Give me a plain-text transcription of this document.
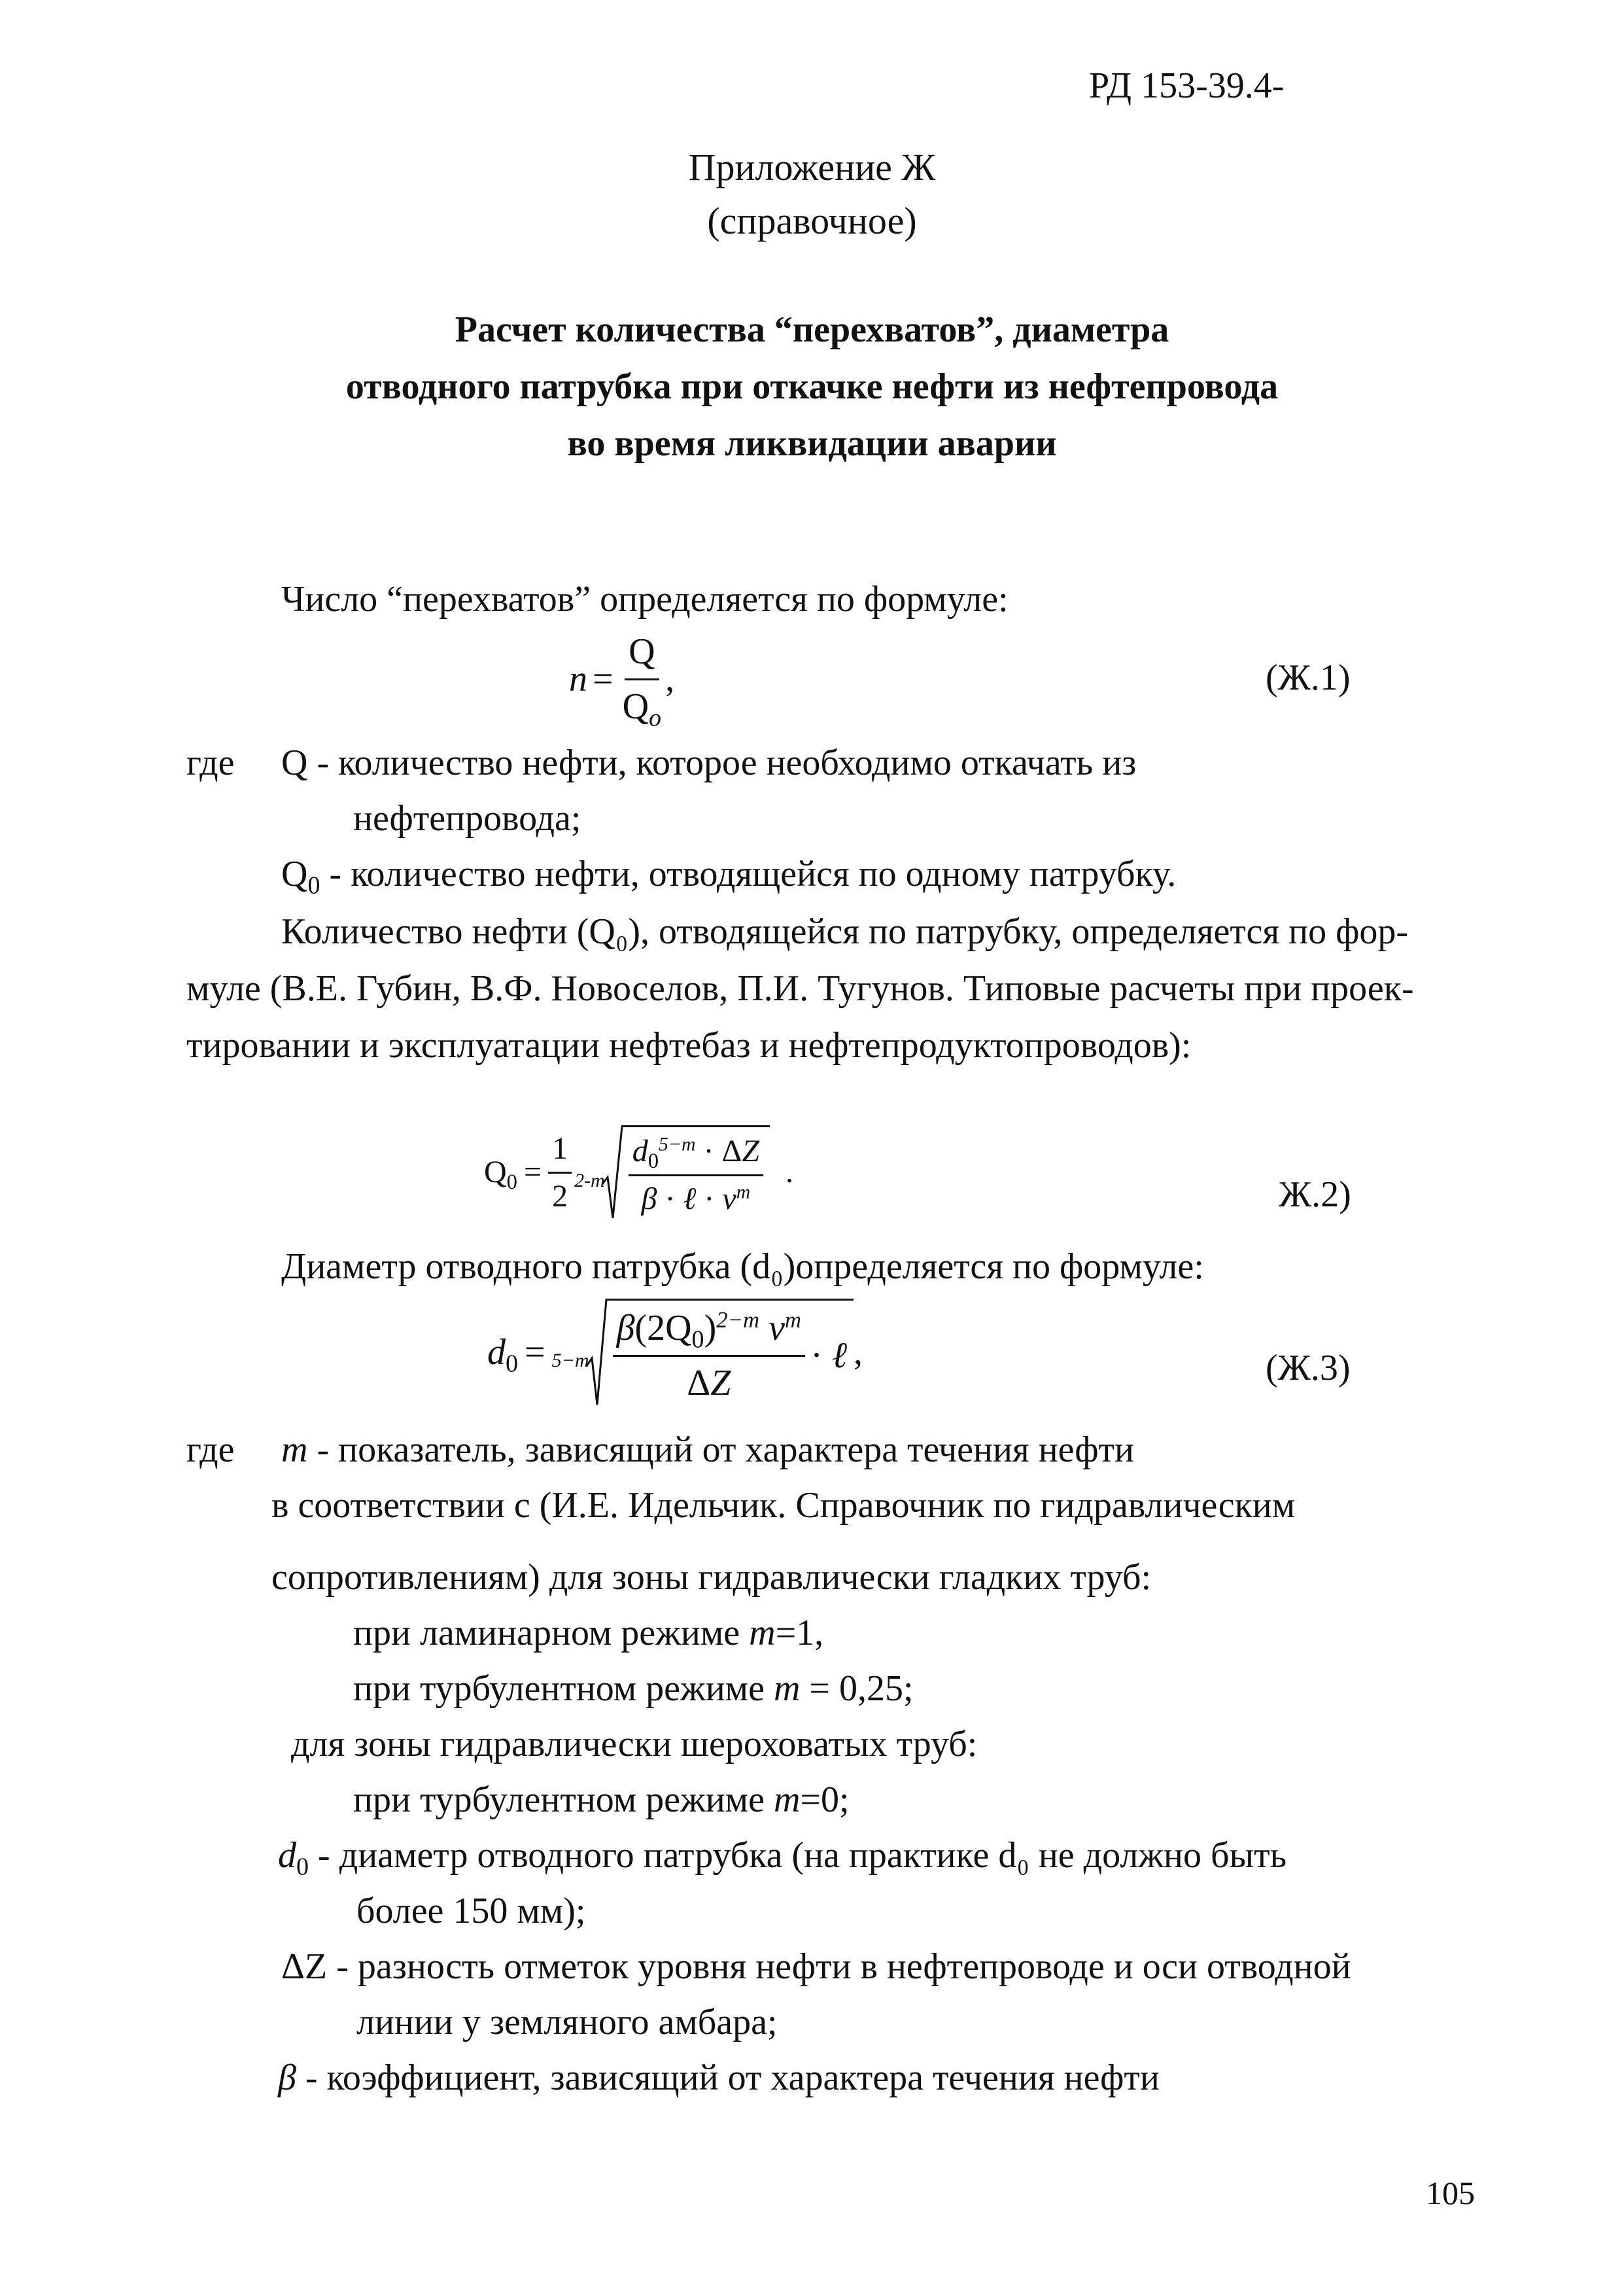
РД 153-39.4-
Приложение Ж
(справочное)
Расчет количества “перехватов”, диаметра
отводного патрубка при откачке нефти из нефтепровода
во время ликвидации аварии
Число “перехватов” определяется по формуле:
$n = \frac{Q}{Q_o}$ ,	(Ж.1)
где Q - количество нефти, которое необходимо откачать из
нефтепровода;
$Q_0$ - количество нефти, отводящейся по одному патрубку.
Количество нефти (Q₀), отводящейся по патрубку, определяется по фор-
муле (В.Е. Губин, В.Ф. Новоселов, П.И. Тугунов. Типовые расчеты при проек-
тировании и эксплуатации нефтебаз и нефтепродуктопроводов):
$Q_0 = \frac{1}{2} 2-m \frac{d_0^{5-m} \cdot \Delta Z}{\beta \cdot \ell \cdot v^m}$ .
Ж.2)
Диаметр отводного патрубка (d₀)определяется по формуле:
$d_0 = 5-m \frac{\beta(2Q_0)^{2-m} v^m}{\Delta Z}$ · ℓ ,	(Ж.3)
где m - показатель, зависящий от характера течения нефти
в соответствии с (И.Е. Идельчик. Справочник по гидравлическим
сопротивлениям) для зоны гидравлически гладких труб:
при ламинарном режиме m=1,
при турбулентном режиме m = 0,25;
для зоны гидравлически шероховатых труб:
при турбулентном режиме m=0;
$d_0$ - диаметр отводного патрубка (на практике d₀ не должно быть
более 150 мм);
ΔZ - разность отметок уровня нефти в нефтепроводе и оси отводной
линии у земляного амбара;
β - коэффициент, зависящий от характера течения нефти
105
